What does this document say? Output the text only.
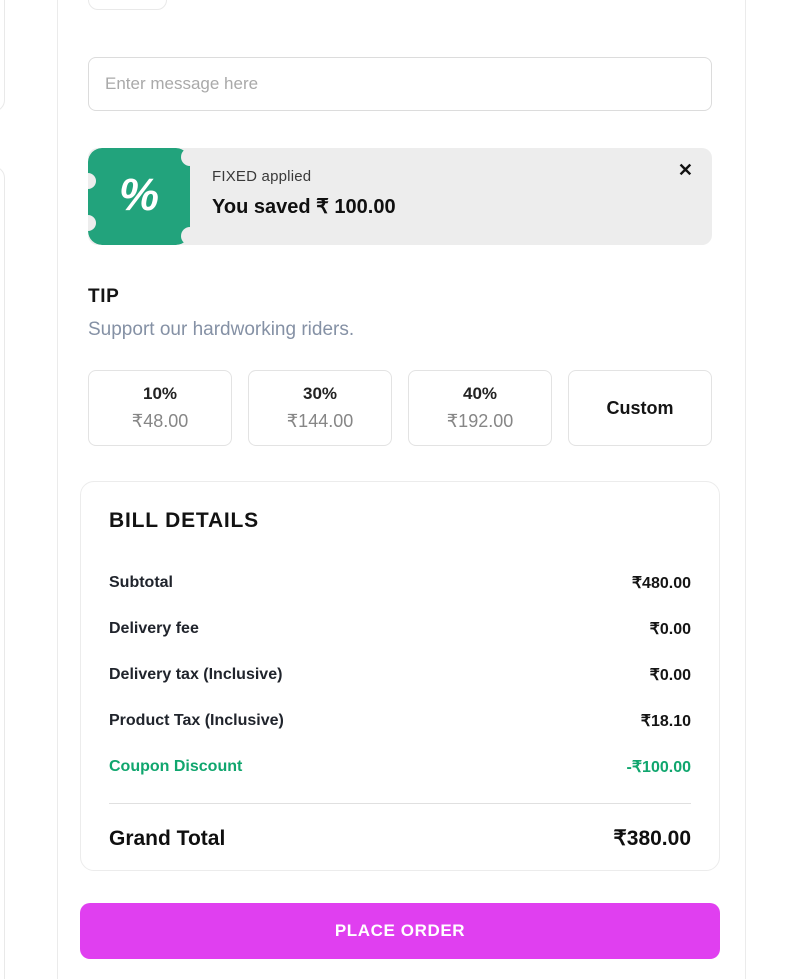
Enter message here
%	FIXED applied
You saved ₹ 100.00
✕
TIP
Support our hardworking riders.
10%
₹48.00
30%
₹144.00
40%
₹192.00
Custom
BILL DETAILS
Subtotal	₹480.00
Delivery fee	₹0.00
Delivery tax (Inclusive)	₹0.00
Product Tax (Inclusive)	₹18.10
Coupon Discount	-₹100.00
Grand Total	₹380.00
PLACE ORDER
